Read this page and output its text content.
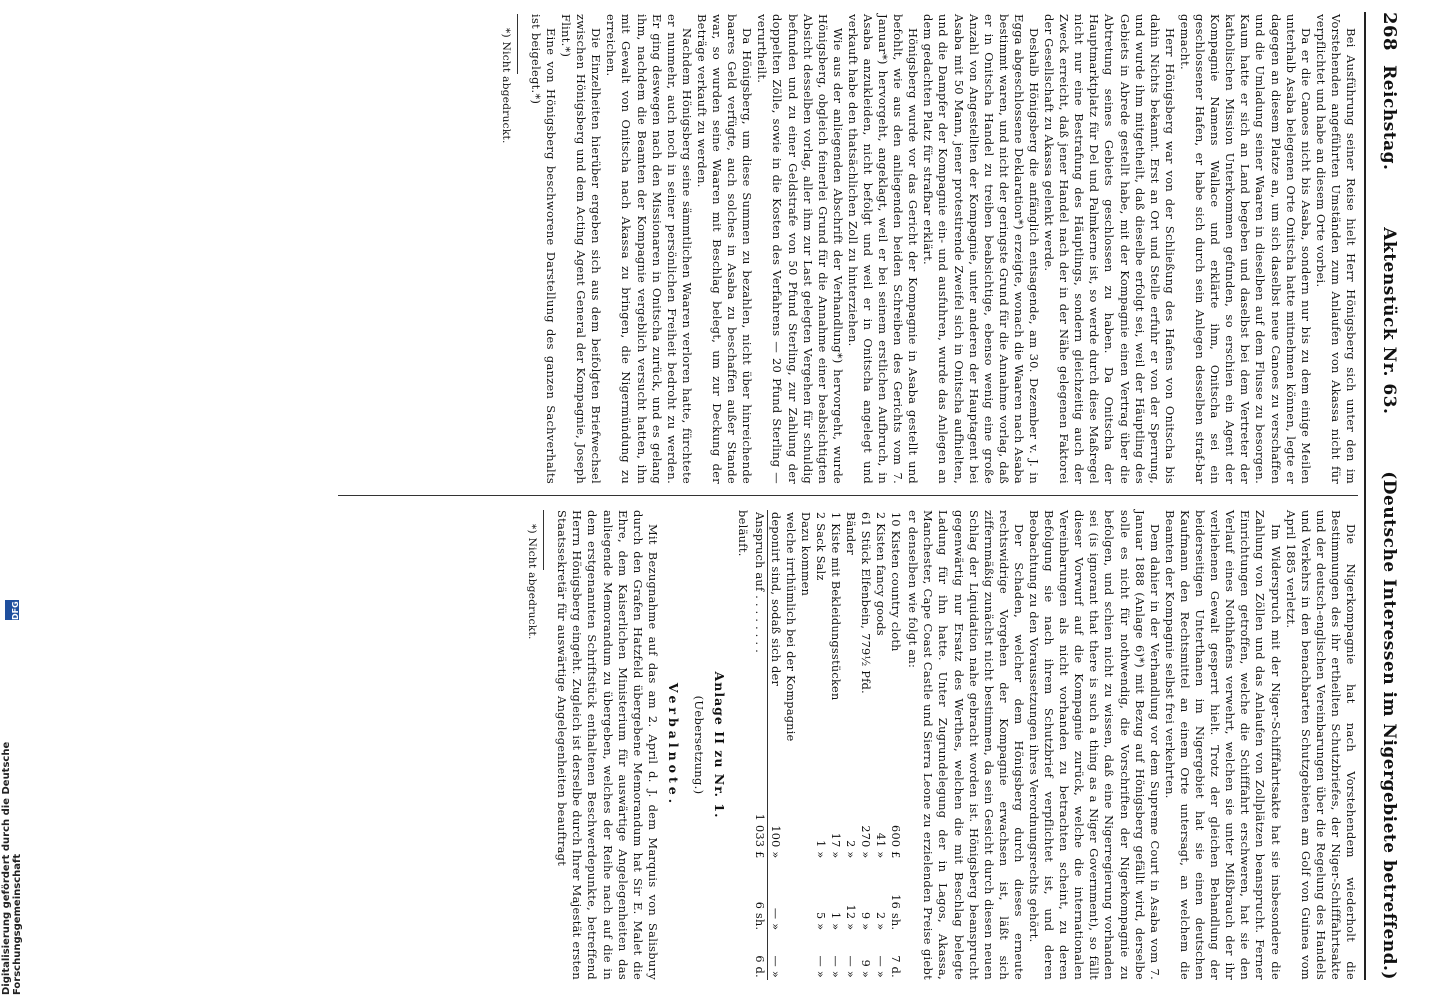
268
Reichstag.
Aktenstück Nr. 63.
(Deutsche Interessen im Nigergebiete betreffend.)

Bei Ausführung seiner Reise hielt Herr Hönigsberg sich unter den im Vorstehenden angeführten Umständen zum Anlaufen von Akassa nicht für verpflichtet und habe an diesem Orte vorbei.

Da er die Canoes nicht bis Asaba, sondern nur bis zu dem einige Meilen unterhalb Asaba belegenen Orte Onitscha hatte mitnehmen können, legte er dagegen an diesem Platze an, um sich daselbst neue Canoes zu verschaffen und die Umladung seiner Waaren in dieselben auf dem Flusse zu besorgen. Kaum hatte er sich an Land begeben und daselbst bei dem Vertreter der katholischen Mission Unterkommen gefunden, so erschien ein Agent der Kompagnie Namens Wallace und erklärte ihm, Onitscha sei ein geschlossener Hafen, er habe sich durch sein Anlegen desselben straf-bar gemacht.

Herr Hönigsberg war von der Schließung des Hafens von Onitscha bis dahin Nichts bekannt. Erst an Ort und Stelle erfuhr er von der Sperrung, und wurde ihm mitgetheilt, daß dieselbe erfolgt sei, weil der Häuptling des Gebiets in Abrede gestellt habe, mit der Kompagnie einen Vertrag über die Abtretung seines Gebiets geschlossen zu haben. Da Onitscha der Hauptmarktplatz für Del und Palmkerne ist, so werde durch diese Maßregel nicht nur eine Bestrafung des Häuptlings, sondern gleichzeitig auch der Zweck erreicht, daß jener Handel nach der in der Nähe gelegenen Faktorei der Gesellschaft zu Akassa gelenkt werde.

Deshalb Hönigsberg die anfänglich entsagende, am 30. Dezember v. J. in Egga abgeschlossene Deklaration*) erzeigte, wonach die Waaren nach Asaba bestimmt waren, und nicht der geringste Grund für die Annahme vorlag, daß er in Onitscha Handel zu treiben beabsichtige, ebenso wenig eine große Anzahl von Angestellten der Kompagnie, unter anderen der Hauptagent bei Asaba mit 50 Mann, jener protestirende Zweifel sich in Onitscha aufhielten, und die Dampfer der Kompagnie ein- und ausfuhren, wurde das Anlegen an dem gedachten Platz für strafbar erklärt.

Hönigsberg wurde vor das Gericht der Kompagnie in Asaba gestellt und befohlt, wie aus den anliegenden beiden Schreiben des Gerichts vom 7. Januar*) hervorgeht, angeklagt, weil er bei seinem erstlichen Aufbruch, in Asaba anzukleiden, nicht befolgt und weil er in Onitscha angelegt und verkauft habe den thatsächlichen Zoll zu hinterziehen.

Wie aus der anliegenden Abschrift der Verhandlung*) hervorgeht, wurde Hönigsberg, obgleich feinerlei Grund für die Annahme einer beabsichtigten Absicht desselben vorlag, aller ihm zur Last gelegten Vergehen für schuldig befunden und zu einer Geldstrafe von 50 Pfund Sterling, zur Zahlung der doppelten Zölle, sowie in die Kosten des Verfahrens — 20 Pfund Sterling — verurtheilt.

Da Hönigsberg, um diese Summen zu bezahlen, nicht über hinreichende baares Geld verfügte, auch solches in Asaba zu beschaffen außer Stande war, so wurden seine Waaren mit Beschlag belegt, um zur Deckung der Beträge verkauft zu werden.

Nachdem Hönigsberg seine sämmtlichen Waaren verloren hatte, fürchtete er nunmehr, auch noch in seiner persönlichen Freiheit bedroht zu werden. Er ging deswegen nach den Missionaren in Onitscha zurück, und es gelang ihm, nachdem die Beamten der Kompagnie vergeblich versucht hatten, ihn mit Gewalt von Onitscha nach Akassa zu bringen, die Nigermündung zu erreichen.

Die Einzelheiten hierüber ergeben sich aus dem beifolgten Briefwechsel zwischen Hönigsberg und dem Acting Agent General der Kompagnie, Joseph Flint.*)

Eine von Hönigsberg beschworene Darstellung des ganzen Sachverhalts ist beigelegt.*)

*) Nicht abgedruckt.

Die Nigerkompagnie hat nach Vorstehendem wiederholt die Bestimmungen des ihr ertheilten Schutzbriefes, der Niger-Schifffahrtsakte und der deutsch-englischen Vereinbarungen über die Regelung des Handels und Verkehrs in den benachbarten Schutzgebieten am Golf von Guinea vom April 1885 verletzt.

Im Widerspruch mit der Niger-Schifffahrtsakte hat sie insbesondere die Zahlung von Zöllen und das Anlaufen von Zollplätzen beansprucht. Ferner Einrichtungen getroffen, welche die Schifffahrt erschweren, hat sie den Verlauf eines Nothhafens verwehrt, welchen sie unter Mißbrauch der ihr verliehenen Gewalt gesperrt hielt. Trotz der gleichen Behandlung der beiderseitigen Unterthanen im Nigergebiet hat sie einen deutschen Kaufmann den Rechtsmittel an einem Orte untersagt, an welchem die Beamten der Kompagnie selbst frei verkehrten.

Dem dahier in der Verhandlung vor dem Supreme Court in Asaba vom 7. Januar 1888 (Anlage 6)*) mit Bezug auf Hönigsberg gefällt wird, derselbe solle es nicht für nothwendig, die Vorschriften der Nigerkompagnie zu befolgen, und schien nicht zu wissen, daß eine Nigerregierung vorhanden sei (is ignorant that there is such a thing as a Niger Government), so fällt dieser Vorwurf auf die Kompagnie zurück, welche die internationalen Vereinbarungen als nicht vorhanden zu betrachten scheint, zu deren Befolgung sie nach ihrem Schutzbrief verpflichtet ist, und deren Beobachtung zu den Voraussetzungen ihres Verordnungsrechts gehört.

Der Schaden, welcher dem Hönigsberg durch dieses erneute rechtswidrige Vorgehen der Kompagnie erwachsen ist, läßt sich ziffernmäßig zunächst nicht bestimmen, da sein Gesicht durch diesen neuen Schlag der Liquidation nahe gebracht worden ist. Hönigsberg beansprucht gegenwärtig nur Ersatz des Werthes, welchen die mit Beschlag belegte Ladung für ihn hatte. Unter Zugrundelegung der in Lagos, Akassa, Manchester, Cape Coast Castle und Sierra Leone zu erzielenden Preise giebt er denselben wie folgt an:

10 Kisten country cloth	600 £	16 sh.	7 d.
2 Kisten fancy goods	41 »	2 »	— »
61 Stück Elfenbein, 779½ Pfd.	270 »	9 »	9 »
Bänder	2 »	12 »	— »
1 Kiste mit Bekleidungsstücken	17 »	1 »	— »
2 Sack Salz	1 »	5 »	— »
Dazu kommen			
welche irrthümlich bei der Kompagnie			
deponirt sind, sodaß sich der	100 »	— »	— »
Anspruch auf . . . . . . . .	1 033 £	6 sh.	6 d.

beläuft.

Anlage II zu Nr. 1.

(Uebersetzung.)

Verbalnote.

Mit Bezugnahme auf das am 2. April d. J. dem Marquis von Salisbury durch den Grafen Hatzfeld übergebene Memorandum hat Sir E. Malet die Ehre, dem Kaiserlichen Ministerium für auswärtige Angelegenheiten das anliegende Memorandum zu übergeben, welches der Reihe nach auf die in dem erstgenannten Schriftstück enthaltenen Beschwerdepunkte, betreffend Herrn Hönigsberg eingeht. Zugleich ist derselbe durch Ihrer Majestät ersten Staatssekretär für auswärtige Angelegenheiten beauftragt

*) Nicht abgedruckt.

Digitalisierung gefördert durch die Deutsche Forschungsgemeinschaft
DFG
